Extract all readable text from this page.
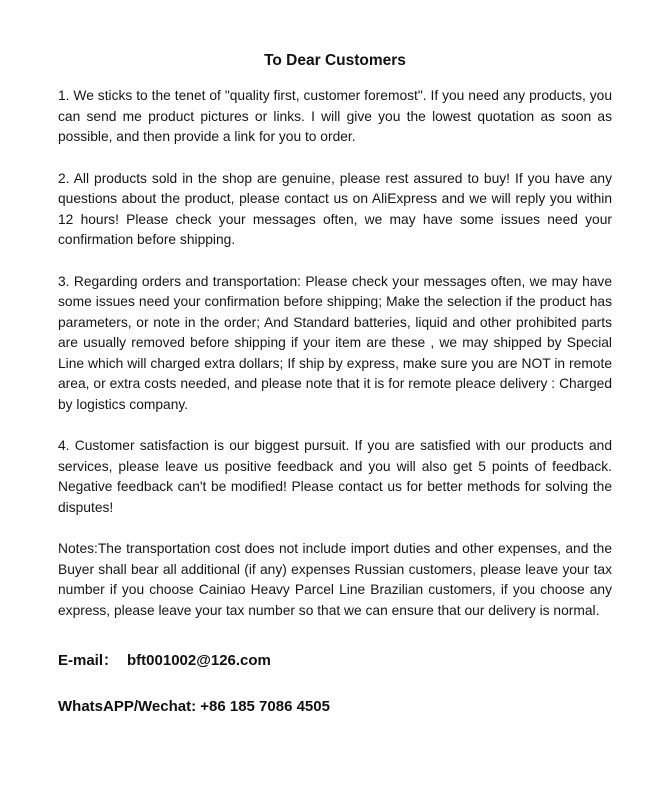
To Dear Customers

1. We sticks to the tenet of "quality first, customer foremost". If you need any products, you can send me product pictures or links. I will give you the lowest quotation as soon as possible, and then provide a link for you to order.

2. All products sold in the shop are genuine, please rest assured to buy! If you have any questions about the product, please contact us on AliExpress and we will reply you within 12 hours! Please check your messages often, we may have some issues need your confirmation before shipping.

3. Regarding orders and transportation: Please check your messages often, we may have some issues need your confirmation before shipping; Make the selection if the product has parameters, or note in the order; And Standard batteries, liquid and other prohibited parts are usually removed before shipping if your item are these , we may shipped by Special Line which will charged extra dollars; If ship by express, make sure you are NOT in remote area, or extra costs needed, and please note that it is for remote pleace delivery : Charged by logistics company.

4. Customer satisfaction is our biggest pursuit. If you are satisfied with our products and services, please leave us positive feedback and you will also get 5 points of feedback. Negative feedback can't be modified! Please contact us for better methods for solving the disputes!

Notes:The transportation cost does not include import duties and other expenses, and the Buyer shall bear all additional (if any) expenses Russian customers, please leave your tax number if you choose Cainiao Heavy Parcel Line Brazilian customers, if you choose any express, please leave your tax number so that we can ensure that our delivery is normal.

E-mail： bft001002@126.com

WhatsAPP/Wechat: +86 185 7086 4505
